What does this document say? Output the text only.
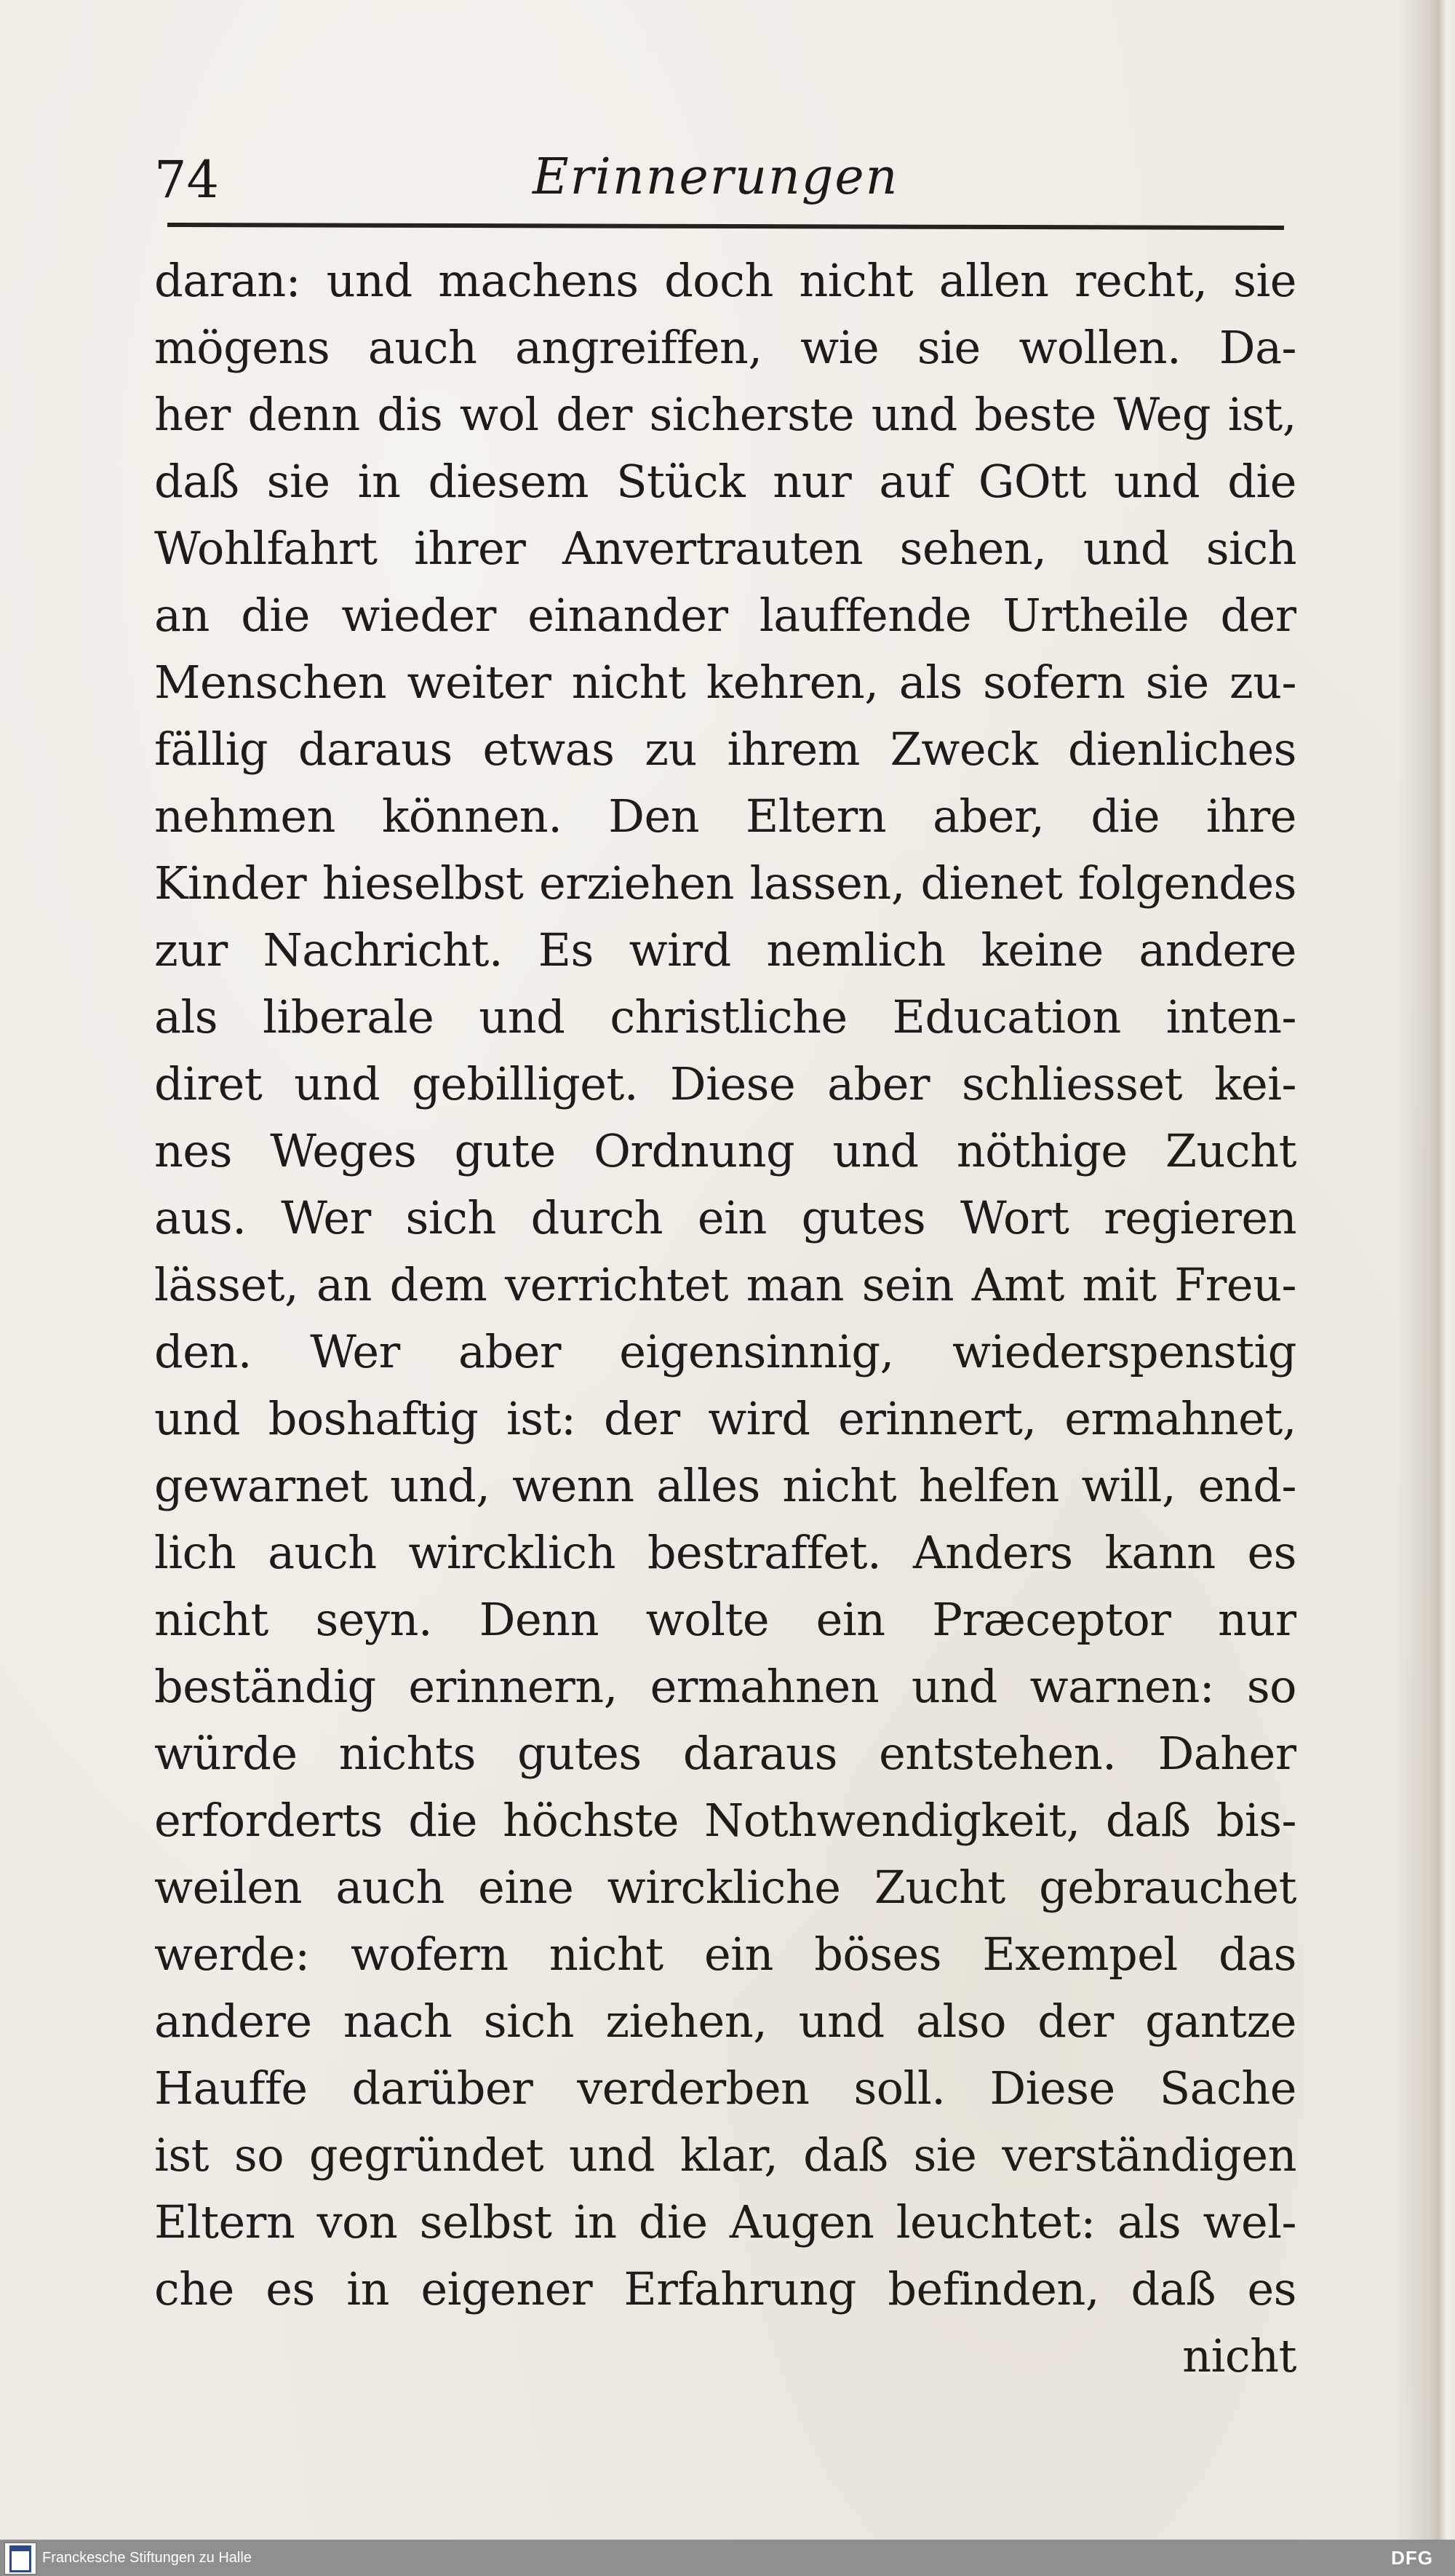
74	Erinnerungen
daran: und machens doch nicht allen recht, sie
mögens auch angreiffen, wie sie wollen. Da-
her denn dis wol der sicherste und beste Weg ist,
daß sie in diesem Stück nur auf GOtt und die
Wohlfahrt ihrer Anvertrauten sehen, und sich
an die wieder einander lauffende Urtheile der
Menschen weiter nicht kehren, als sofern sie zu-
fällig daraus etwas zu ihrem Zweck dienliches
nehmen können. Den Eltern aber, die ihre
Kinder hieselbst erziehen lassen, dienet folgendes
zur Nachricht. Es wird nemlich keine andere
als liberale und christliche Education inten-
diret und gebilliget. Diese aber schliesset kei-
nes Weges gute Ordnung und nöthige Zucht
aus. Wer sich durch ein gutes Wort regieren
lässet, an dem verrichtet man sein Amt mit Freu-
den. Wer aber eigensinnig, wiederspenstig
und boshaftig ist: der wird erinnert, ermahnet,
gewarnet und, wenn alles nicht helfen will, end-
lich auch wircklich bestraffet. Anders kann es
nicht seyn. Denn wolte ein Præceptor nur
beständig erinnern, ermahnen und warnen: so
würde nichts gutes daraus entstehen. Daher
erforderts die höchste Nothwendigkeit, daß bis-
weilen auch eine wirckliche Zucht gebrauchet
werde: wofern nicht ein böses Exempel das
andere nach sich ziehen, und also der gantze
Hauffe darüber verderben soll. Diese Sache
ist so gegründet und klar, daß sie verständigen
Eltern von selbst in die Augen leuchtet: als wel-
che es in eigener Erfahrung befinden, daß es
nicht
Franckesche Stiftungen zu Halle	DFG
